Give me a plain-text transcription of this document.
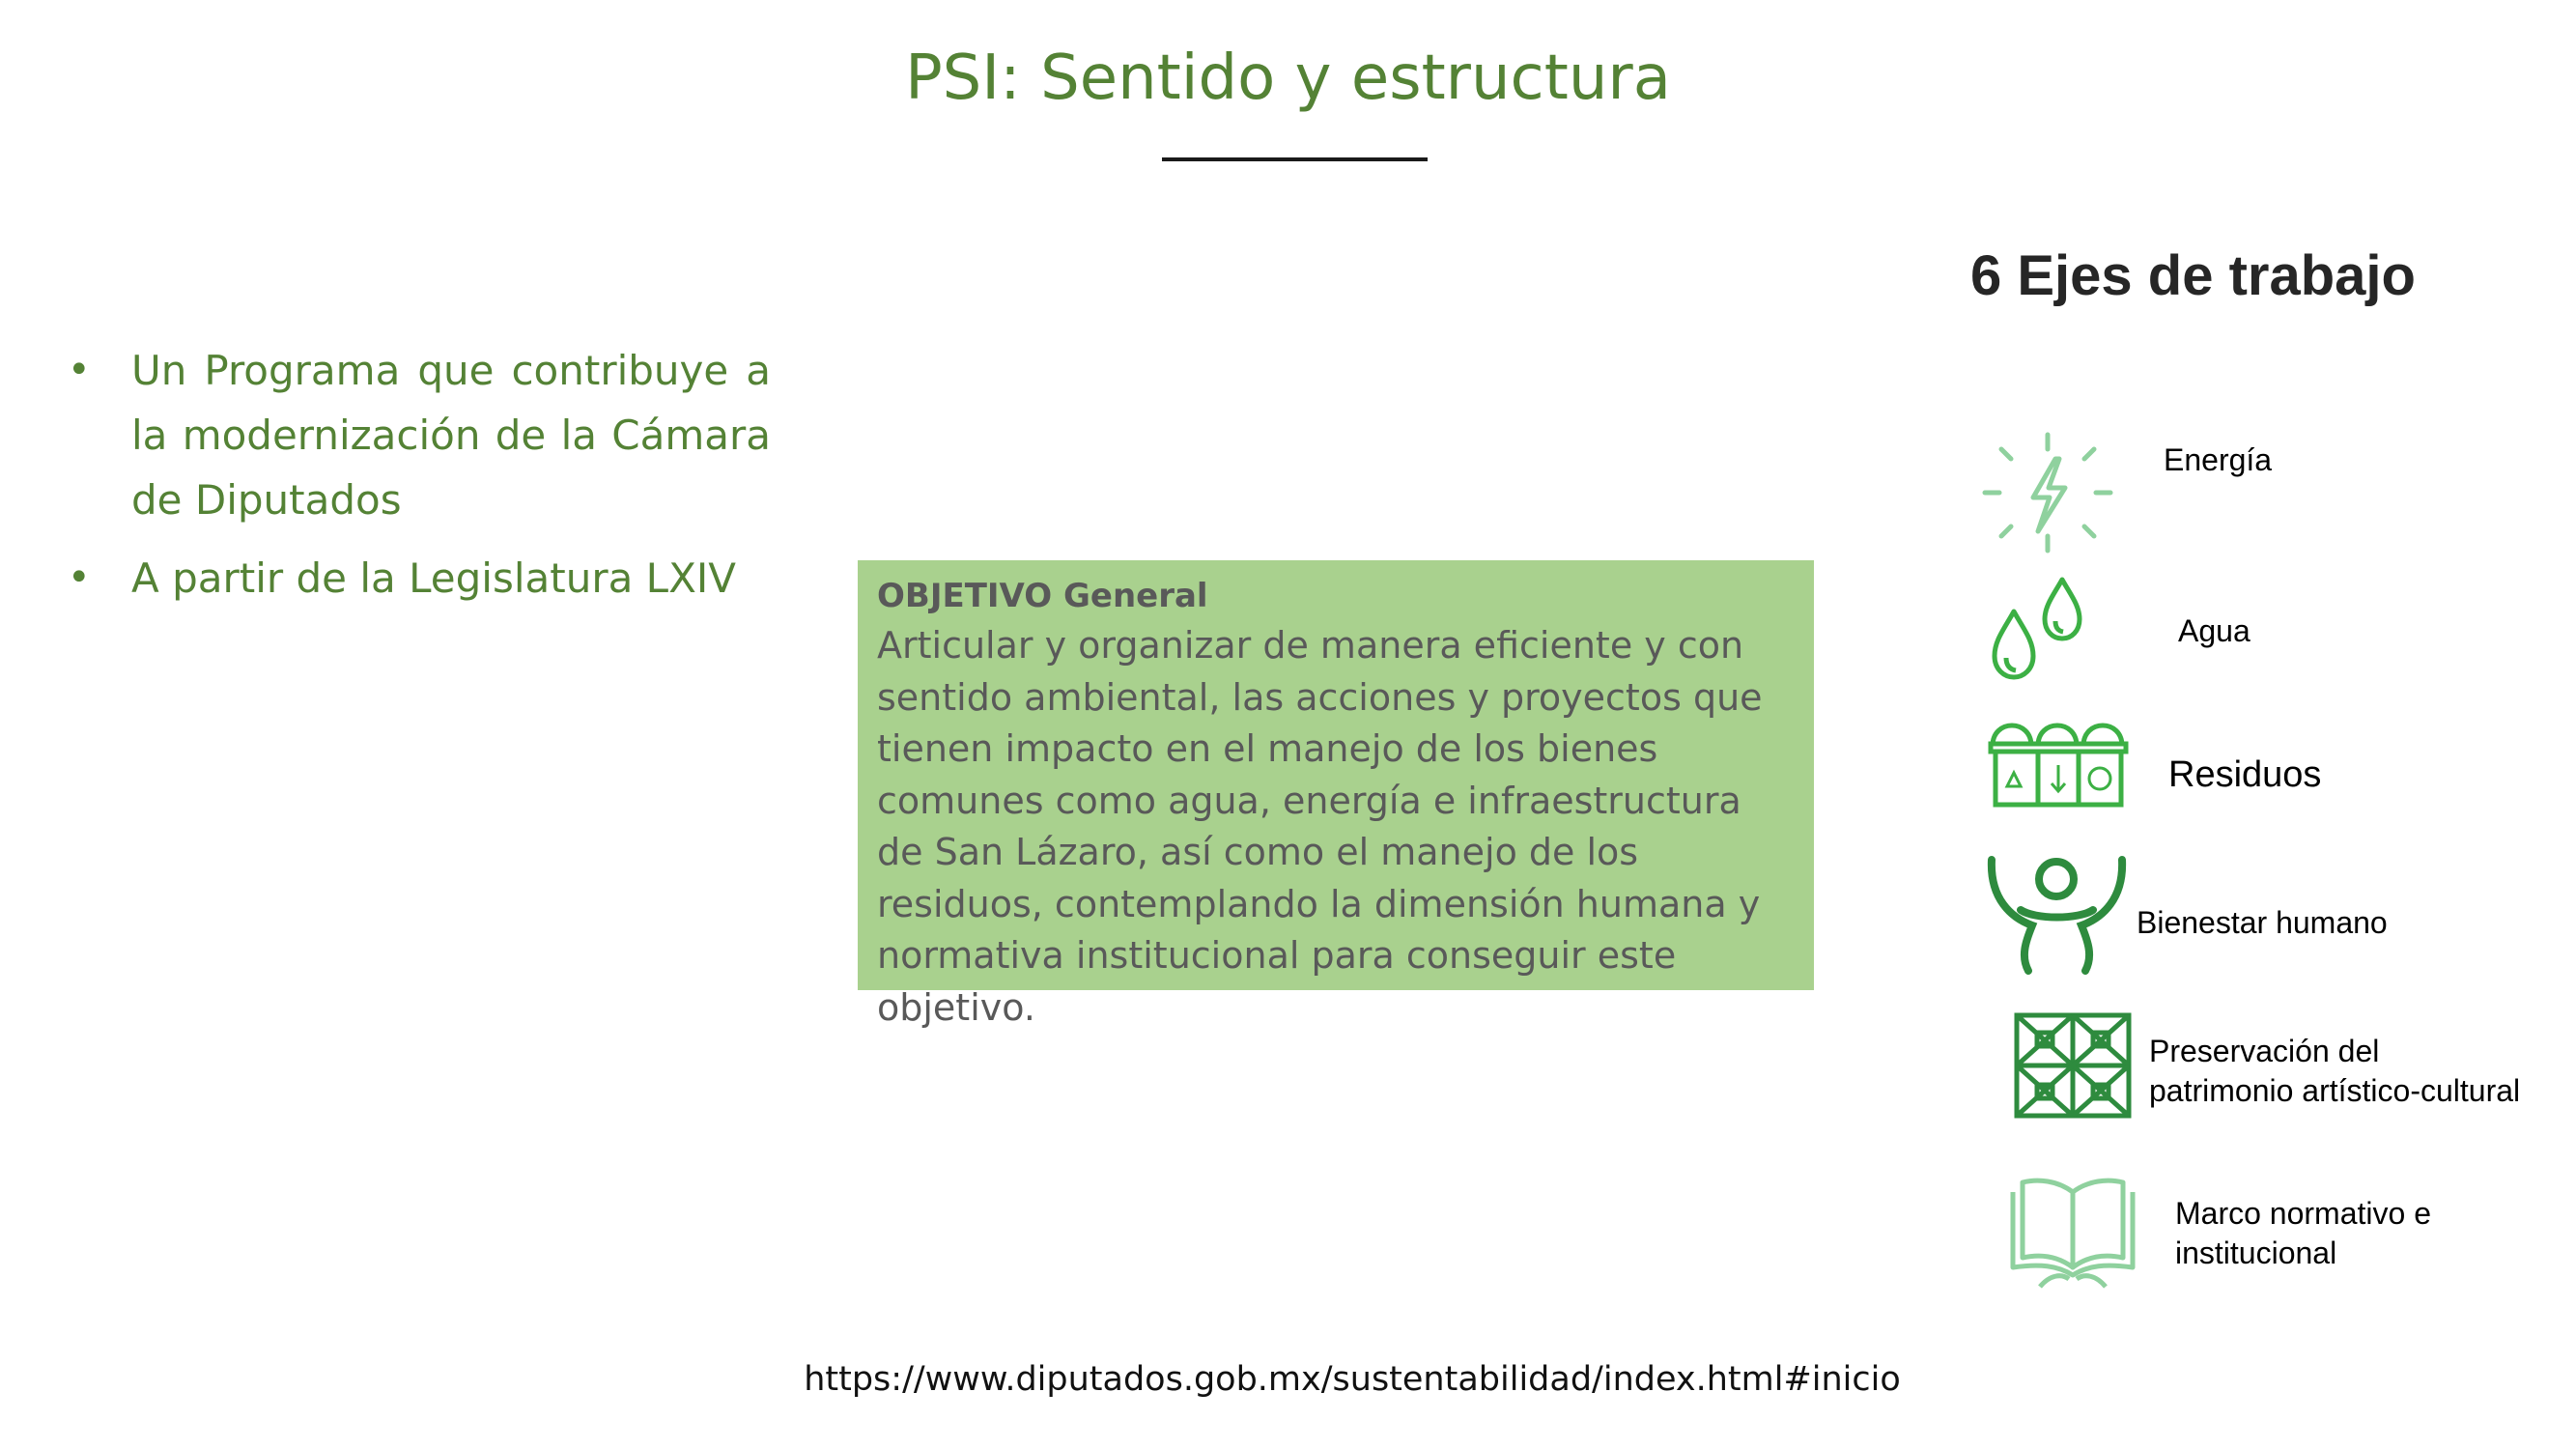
PSI: Sentido y estructura
• Un Programa que contribuye a la modernización de la Cámara de Diputados
• A partir de la Legislatura LXIV	OBJETIVO General
Articular y organizar de manera eficiente y con sentido ambiental, las acciones y proyectos que tienen impacto en el manejo de los bienes comunes como agua, energía e infraestructura de San Lázaro, así como el manejo de los residuos, contemplando la dimensión humana y normativa institucional para conseguir este objetivo.
6 Ejes de trabajo
Energía
Agua
Residuos
Bienestar humano
Preservación del
patrimonio artístico-cultural
Marco normativo e
institucional
https://www.diputados.gob.mx/sustentabilidad/index.html#inicio
